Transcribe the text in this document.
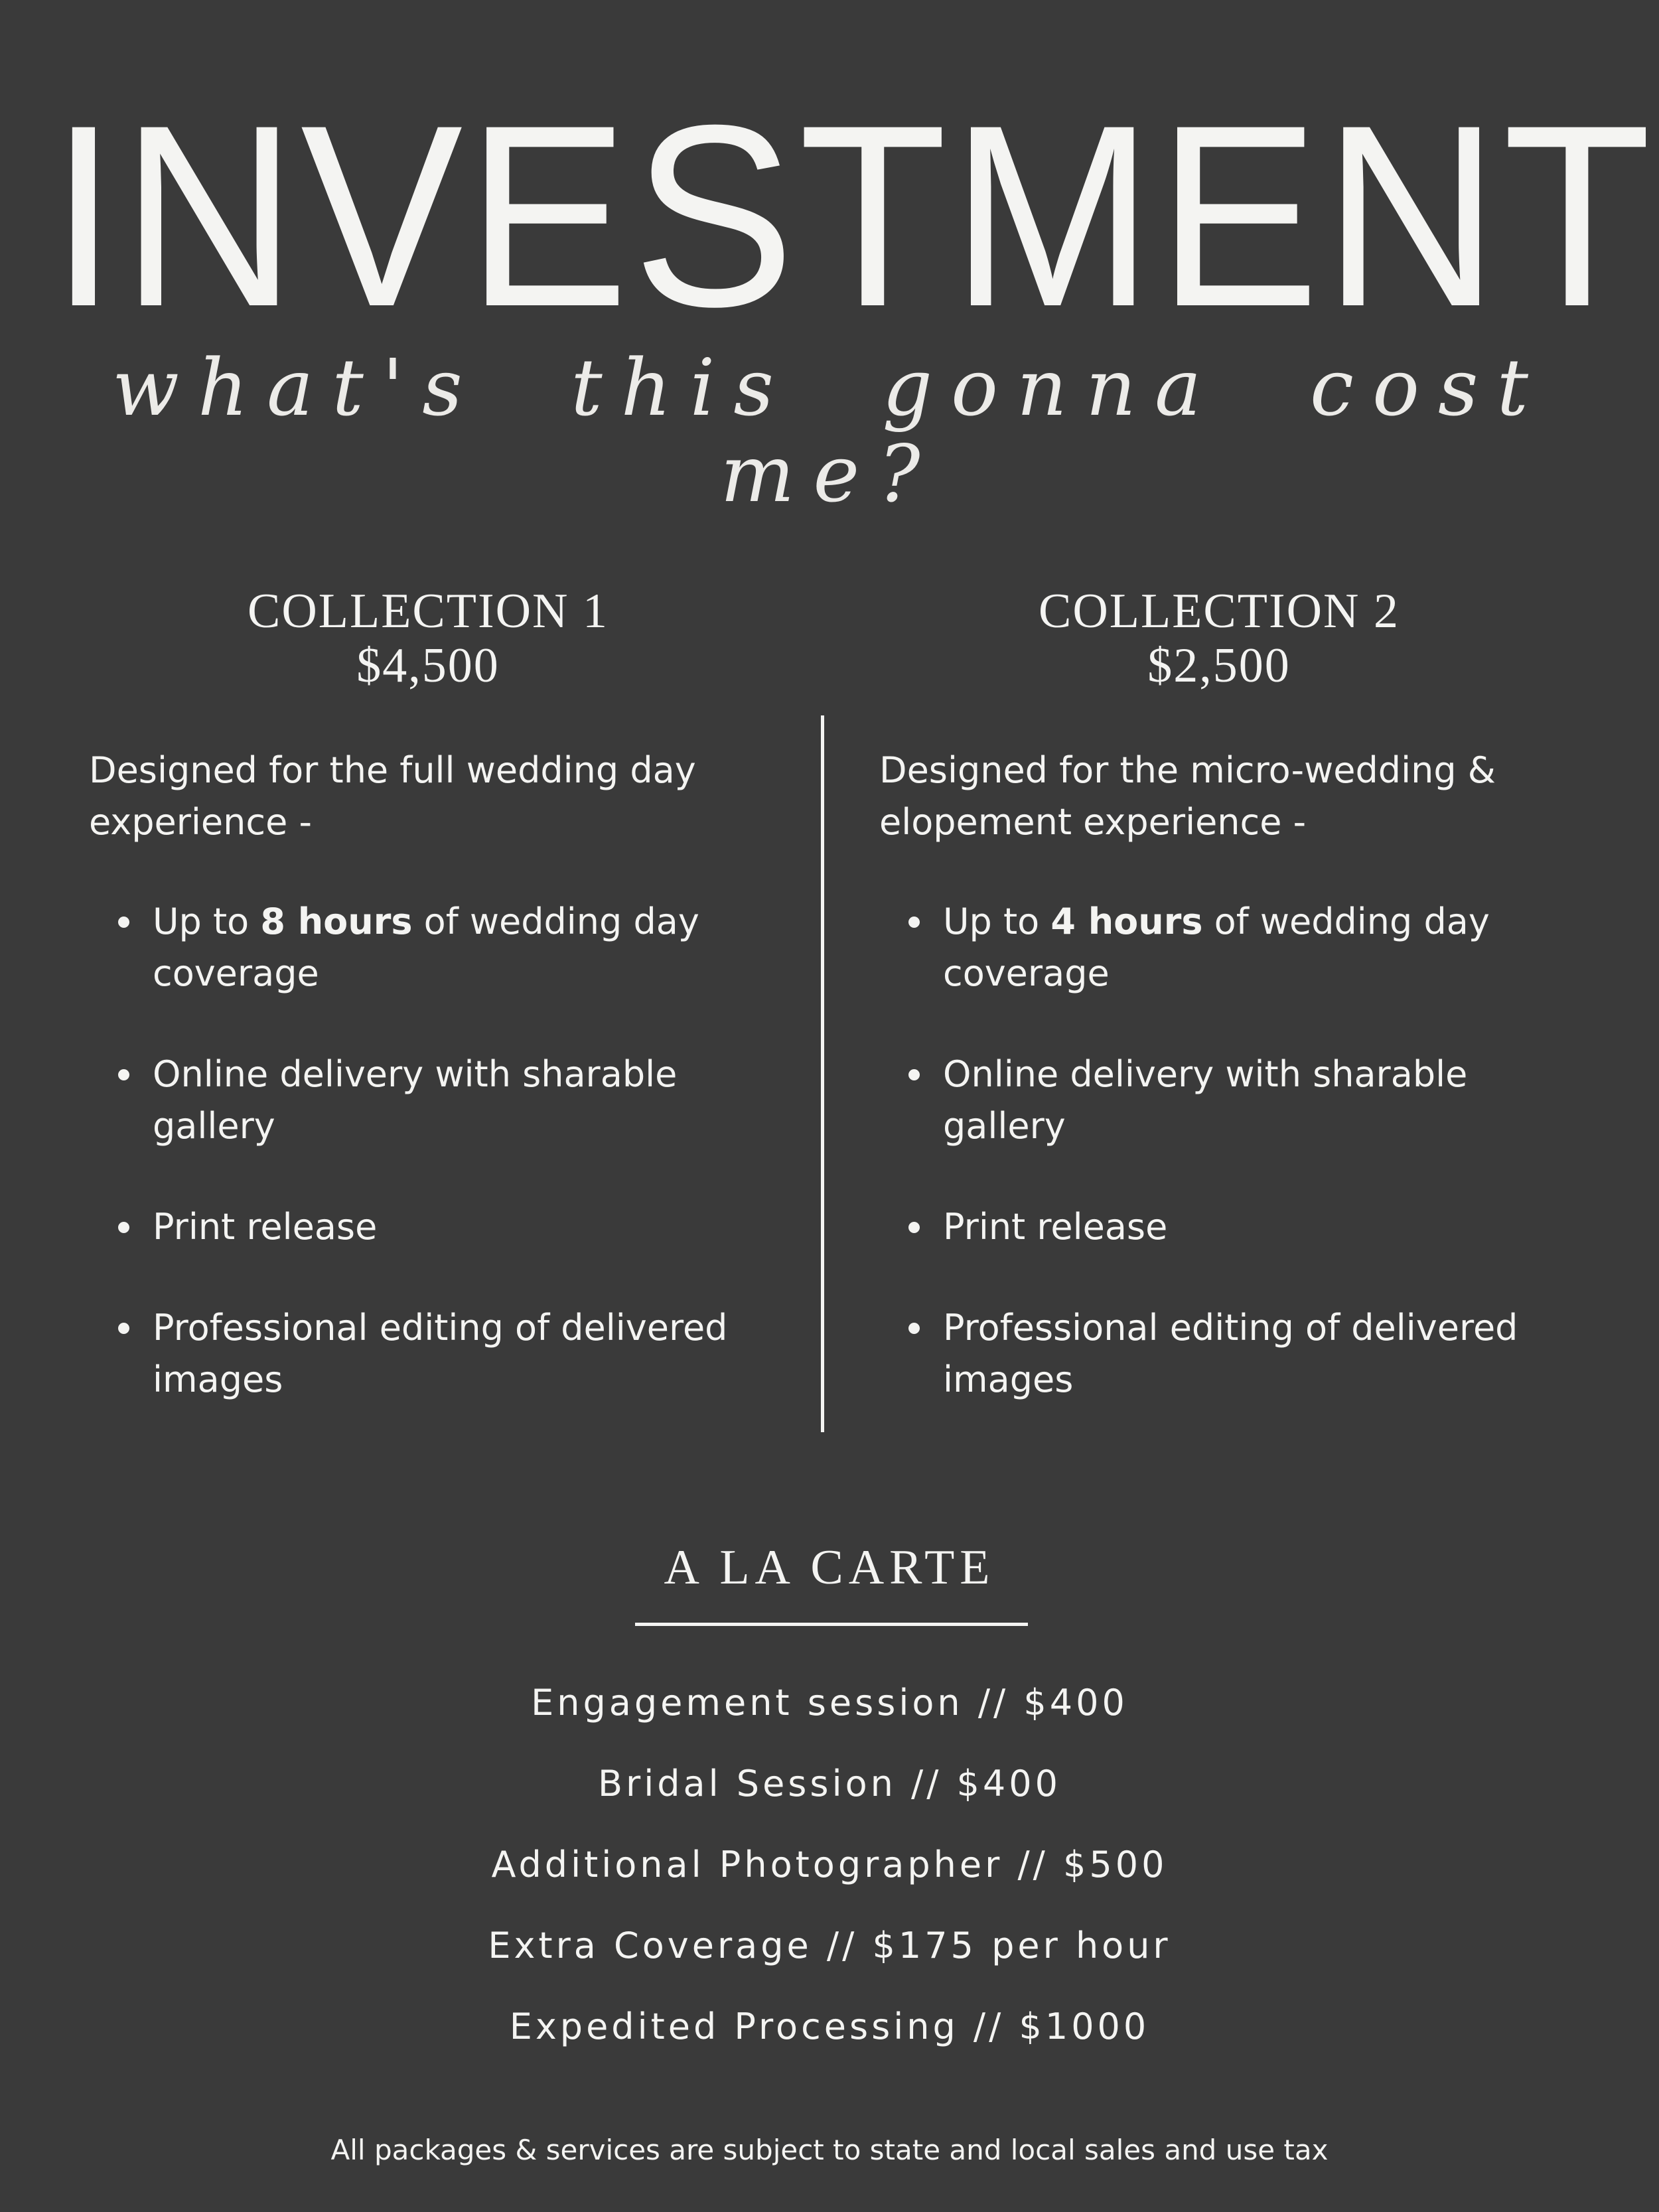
INVESTMENT
what's this gonna cost me?
COLLECTION 1
$4,500
COLLECTION 2
$2,500
Designed for the full wedding day experience -
Up to 8 hours of wedding day coverage
Online delivery with sharable gallery
Print release
Professional editing of delivered images
Designed for the micro-wedding & elopement experience -
Up to 4 hours of wedding day coverage
Online delivery with sharable gallery
Print release
Professional editing of delivered images
A LA CARTE
Engagement session // $400
Bridal Session // $400
Additional Photographer // $500
Extra Coverage // $175 per hour
Expedited Processing // $1000
All packages & services are subject to state and local sales and use tax
